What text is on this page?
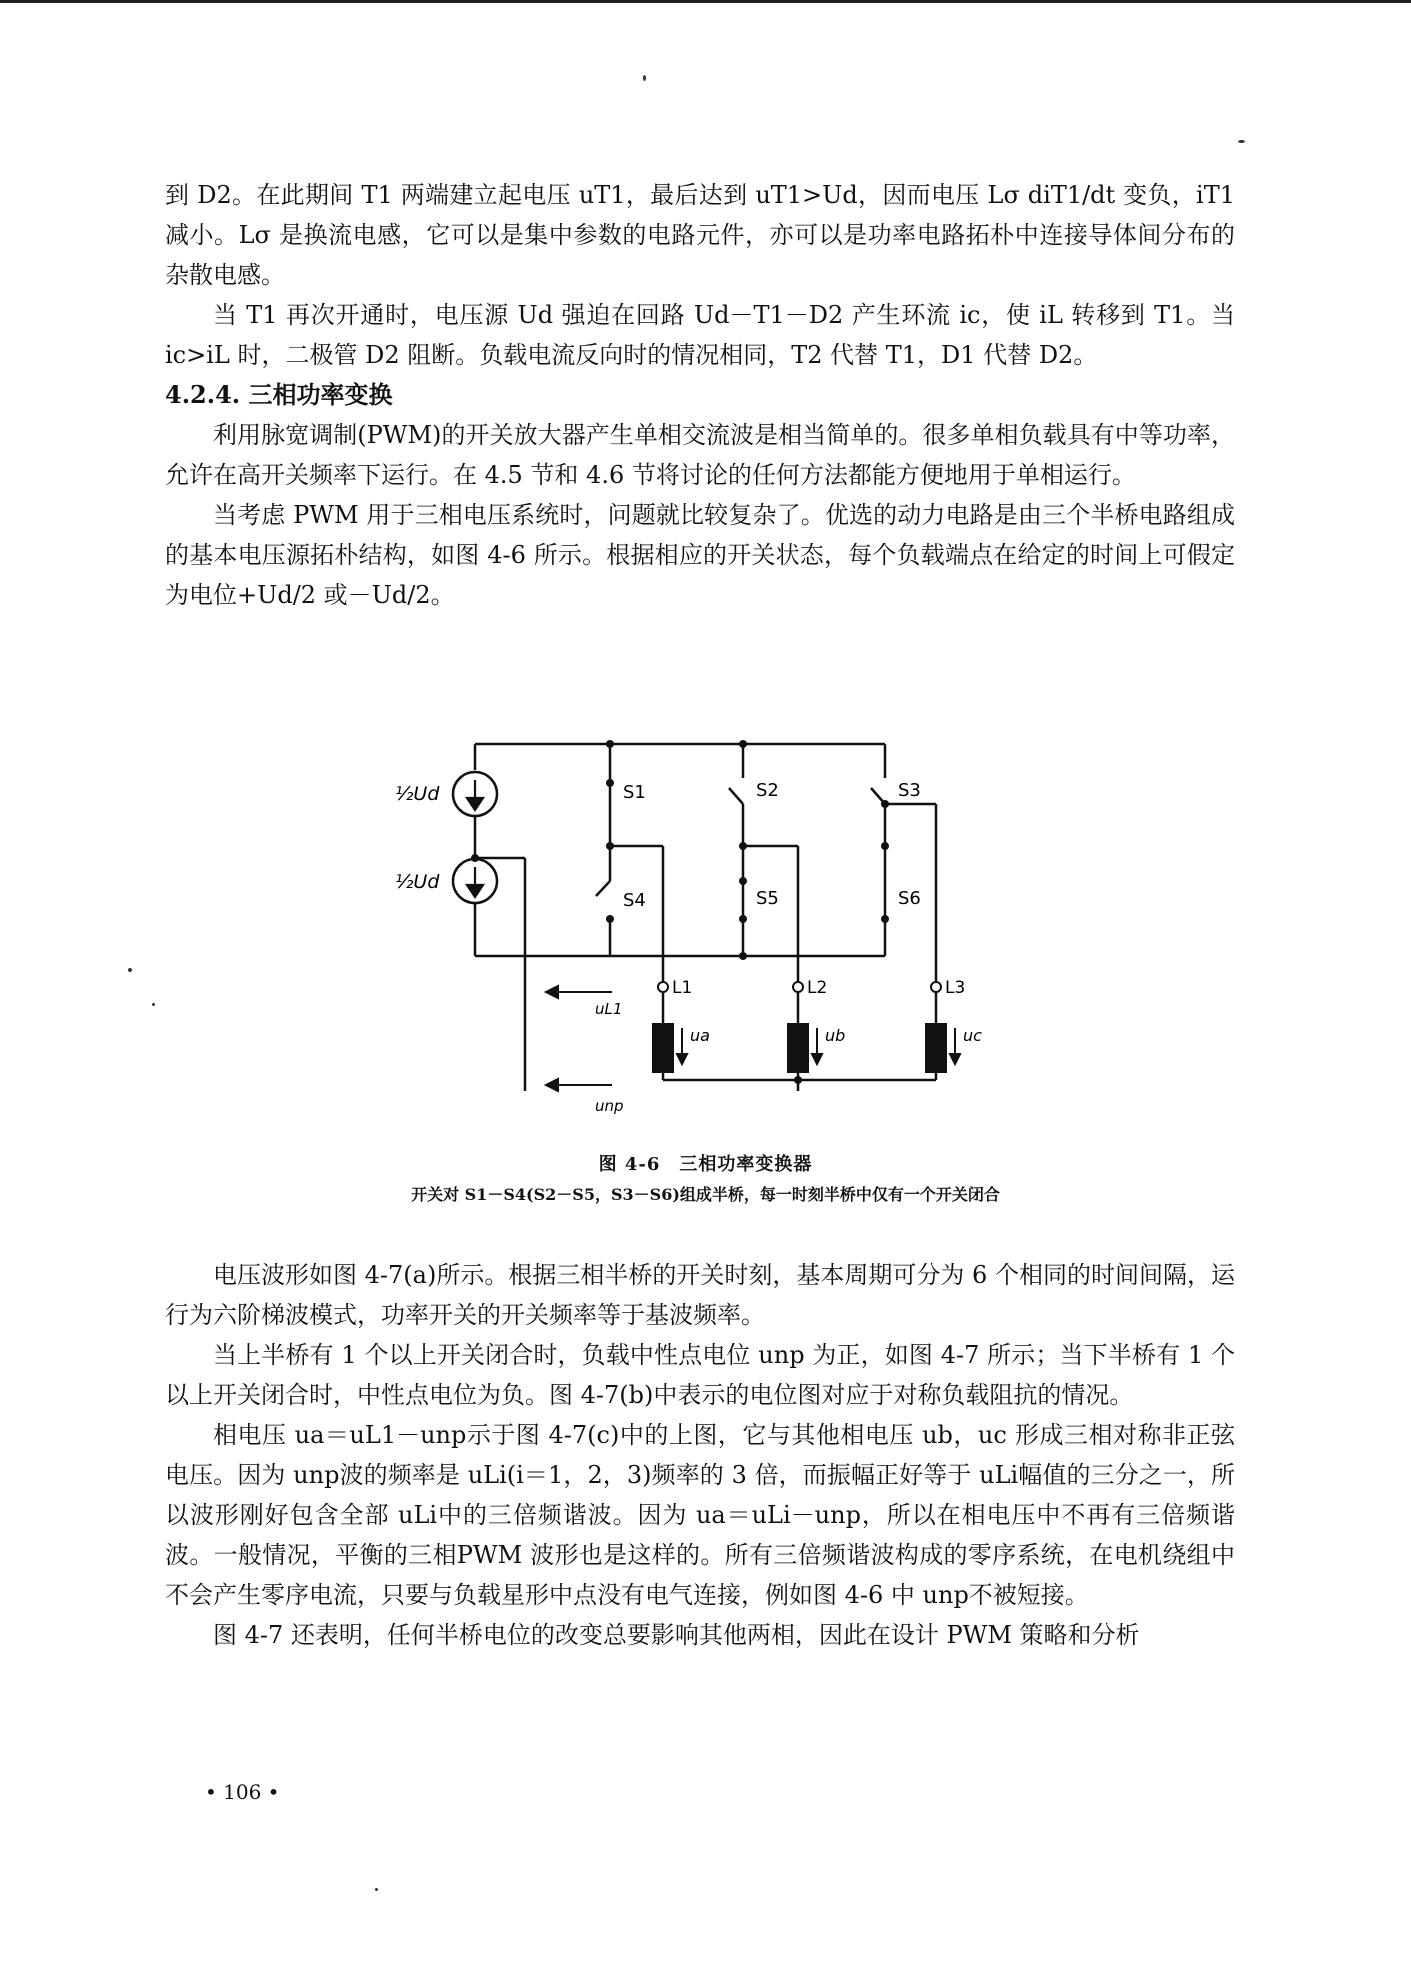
到 D2。在此期间 T1 两端建立起电压 uT1，最后达到 uT1>Ud，因而电压 Lσ diT1/dt 变负，iT1减小。Lσ 是换流电感，它可以是集中参数的电路元件，亦可以是功率电路拓朴中连接导体间分布的杂散电感。

当 T1 再次开通时，电压源 Ud 强迫在回路 Ud－T1－D2 产生环流 ic，使 iL 转移到 T1。当 ic>iL 时，二极管 D2 阻断。负载电流反向时的情况相同，T2 代替 T1，D1 代替 D2。

4.2.4. 三相功率变换

利用脉宽调制(PWM)的开关放大器产生单相交流波是相当简单的。很多单相负载具有中等功率，允许在高开关频率下运行。在 4.5 节和 4.6 节将讨论的任何方法都能方便地用于单相运行。

当考虑 PWM 用于三相电压系统时，问题就比较复杂了。优选的动力电路是由三个半桥电路组成的基本电压源拓朴结构，如图 4-6 所示。根据相应的开关状态，每个负载端点在给定的时间上可假定为电位+Ud/2 或－Ud/2。

½Ud
½Ud
S1	S2	S3
S4	S5	S6
L1	L2	L3
ua	ub	uc
uL1
unp
图 4-6　三相功率变换器
开关对 S1－S4(S2－S5，S3－S6)组成半桥，每一时刻半桥中仅有一个开关闭合

电压波形如图 4-7(a)所示。根据三相半桥的开关时刻，基本周期可分为 6 个相同的时间间隔，运行为六阶梯波模式，功率开关的开关频率等于基波频率。

当上半桥有 1 个以上开关闭合时，负载中性点电位 unp 为正，如图 4-7 所示；当下半桥有 1 个以上开关闭合时，中性点电位为负。图 4-7(b)中表示的电位图对应于对称负载阻抗的情况。

相电压 ua＝uL1－unp示于图 4-7(c)中的上图，它与其他相电压 ub，uc 形成三相对称非正弦电压。因为 unp波的频率是 uLi(i＝1，2，3)频率的 3 倍，而振幅正好等于 uLi幅值的三分之一，所以波形刚好包含全部 uLi中的三倍频谐波。因为 ua＝uLi－unp，所以在相电压中不再有三倍频谐波。一般情况，平衡的三相PWM 波形也是这样的。所有三倍频谐波构成的零序系统，在电机绕组中不会产生零序电流，只要与负载星形中点没有电气连接，例如图 4-6 中 unp不被短接。

图 4-7 还表明，任何半桥电位的改变总要影响其他两相，因此在设计 PWM 策略和分析

• 106 •
